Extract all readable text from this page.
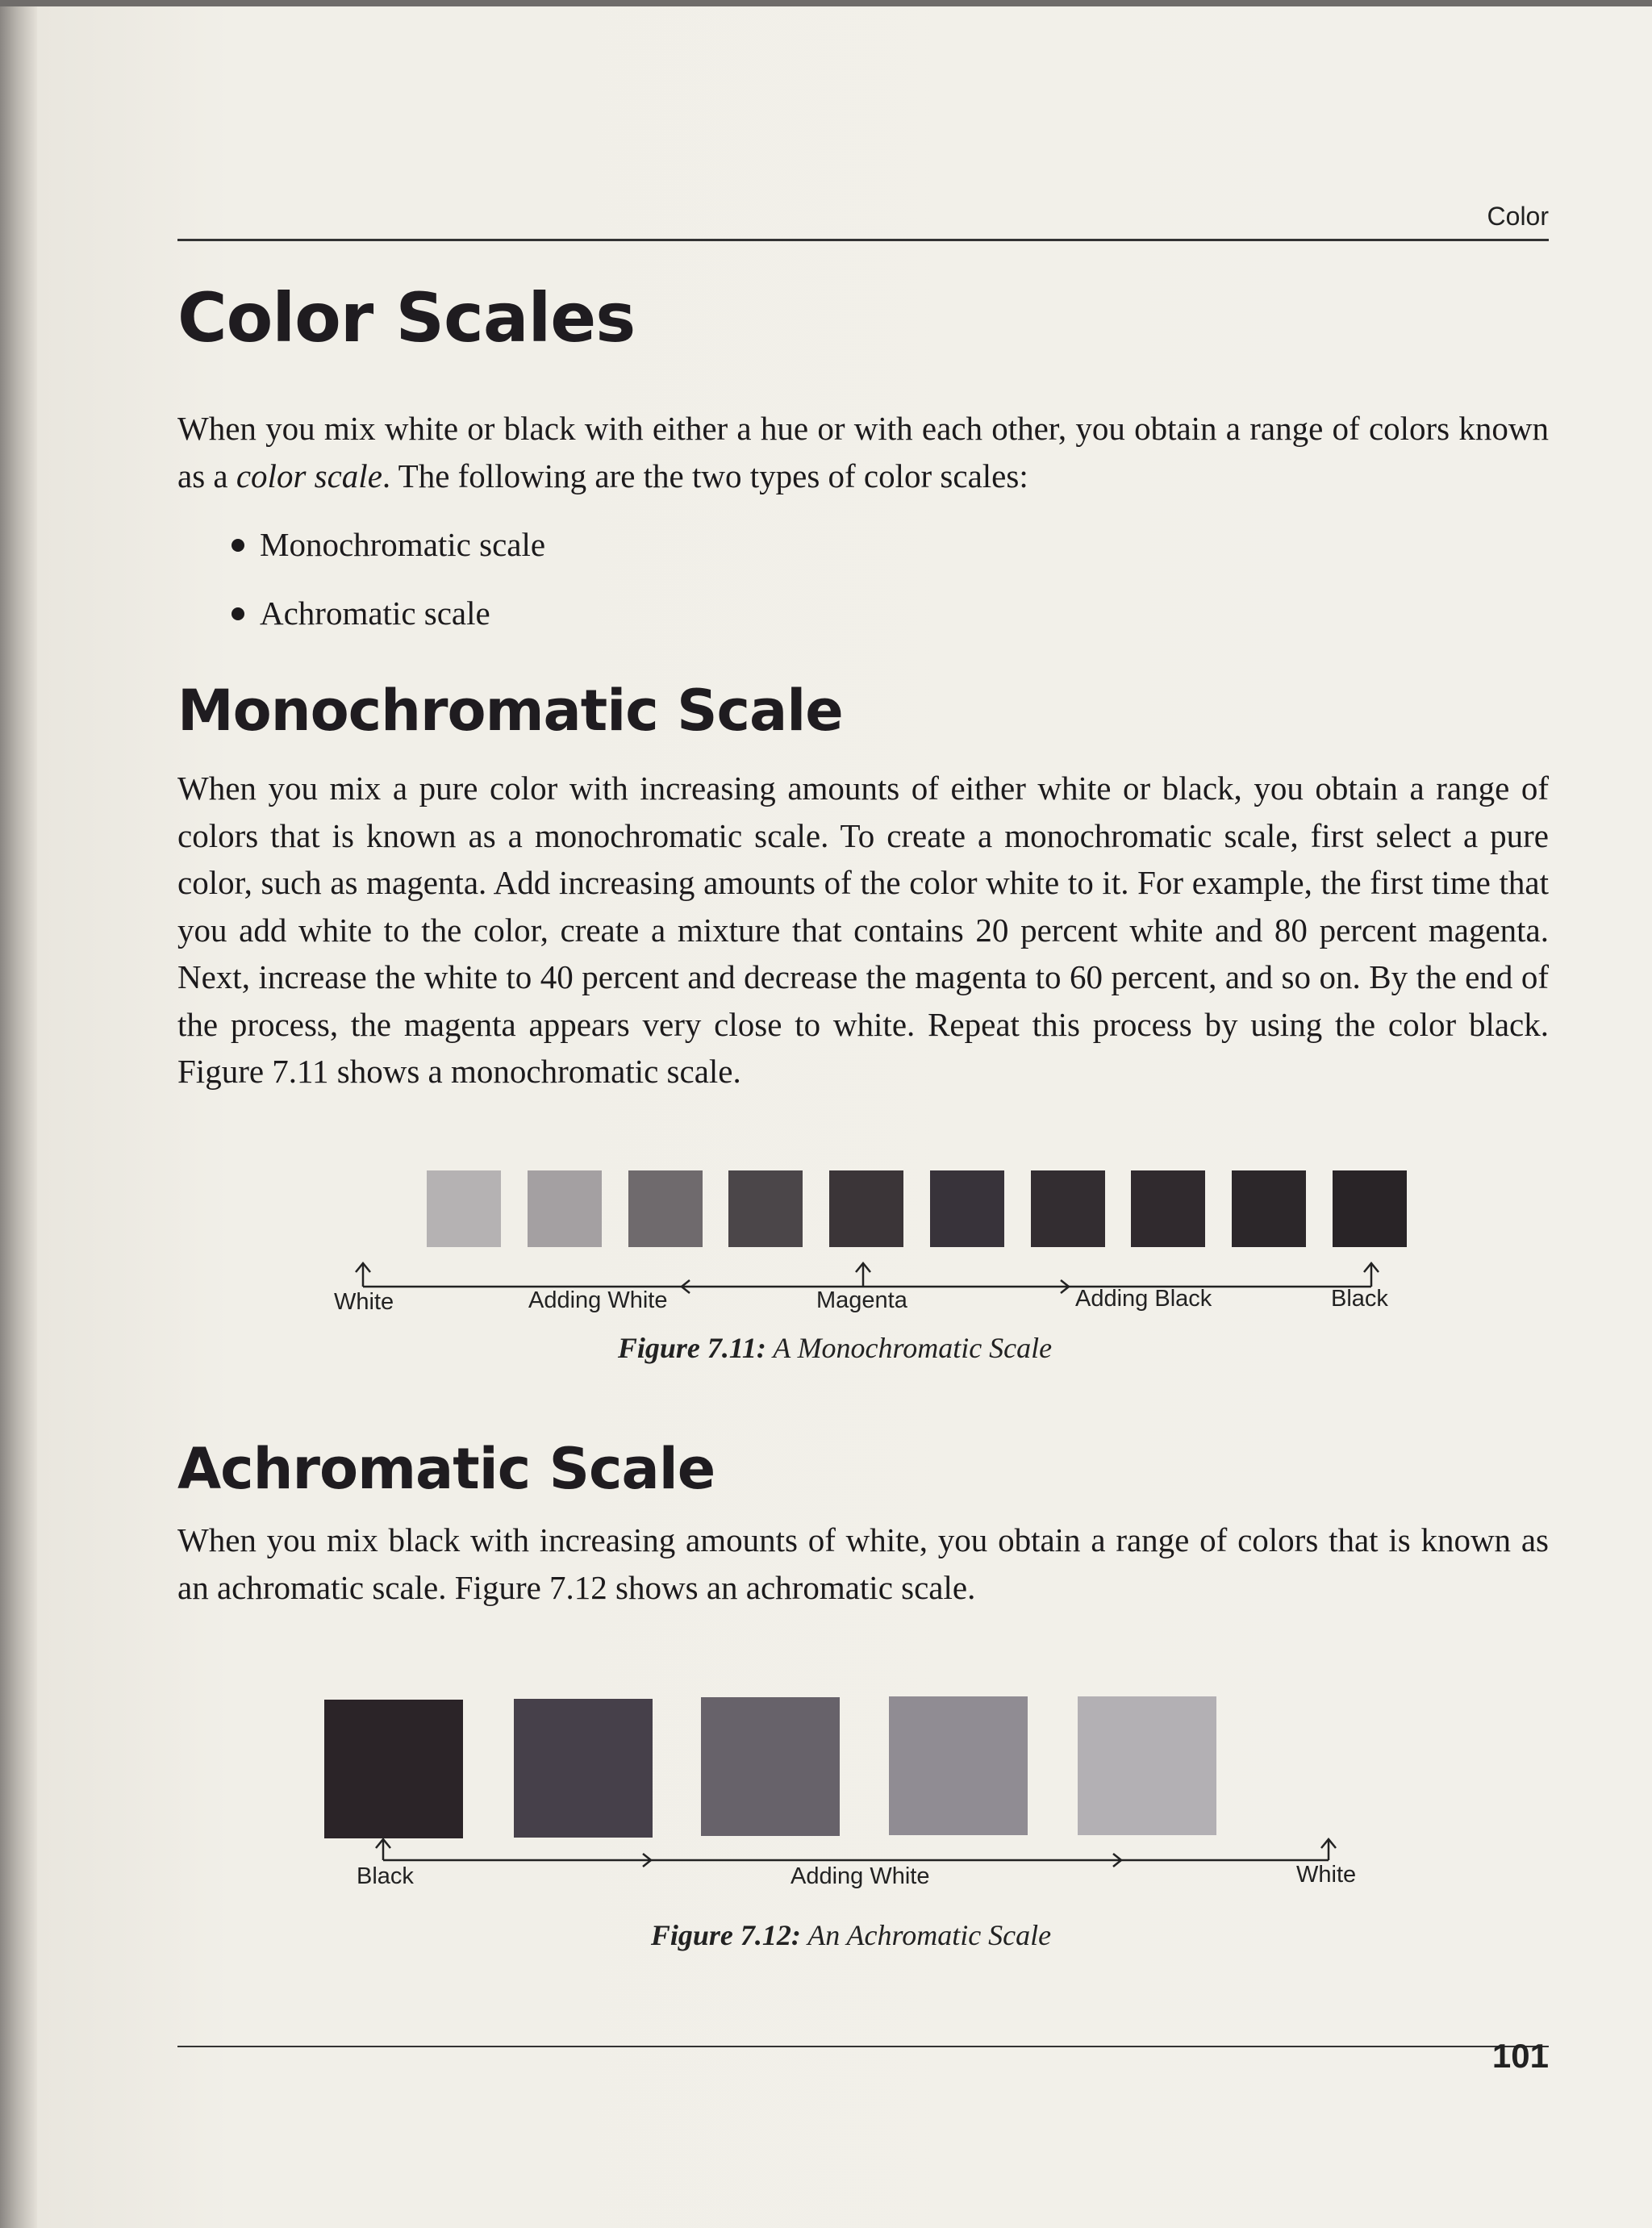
Color
Color Scales

When you mix white or black with either a hue or with each other, you obtain a range of colors known as a color scale. The following are the two types of color scales:

Monochromatic scale
Achromatic scale
Monochromatic Scale

When you mix a pure color with increasing amounts of either white or black, you obtain a range of colors that is known as a monochromatic scale. To create a monochromatic scale, first select a pure color, such as magenta. Add increasing amounts of the color white to it. For example, the first time that you add white to the color, create a mixture that contains 20 percent white and 80 percent magenta. Next, increase the white to 40 percent and decrease the magenta to 60 percent, and so on. By the end of the process, the magenta appears very close to white. Repeat this process by using the color black. Figure 7.11 shows a monochromatic scale.

White	Adding White	Magenta	Adding Black	Black
Figure 7.11: A Monochromatic Scale
Achromatic Scale

When you mix black with increasing amounts of white, you obtain a range of colors that is known as an achromatic scale. Figure 7.12 shows an achromatic scale.

Black	Adding White	White
Figure 7.12: An Achromatic Scale
101
